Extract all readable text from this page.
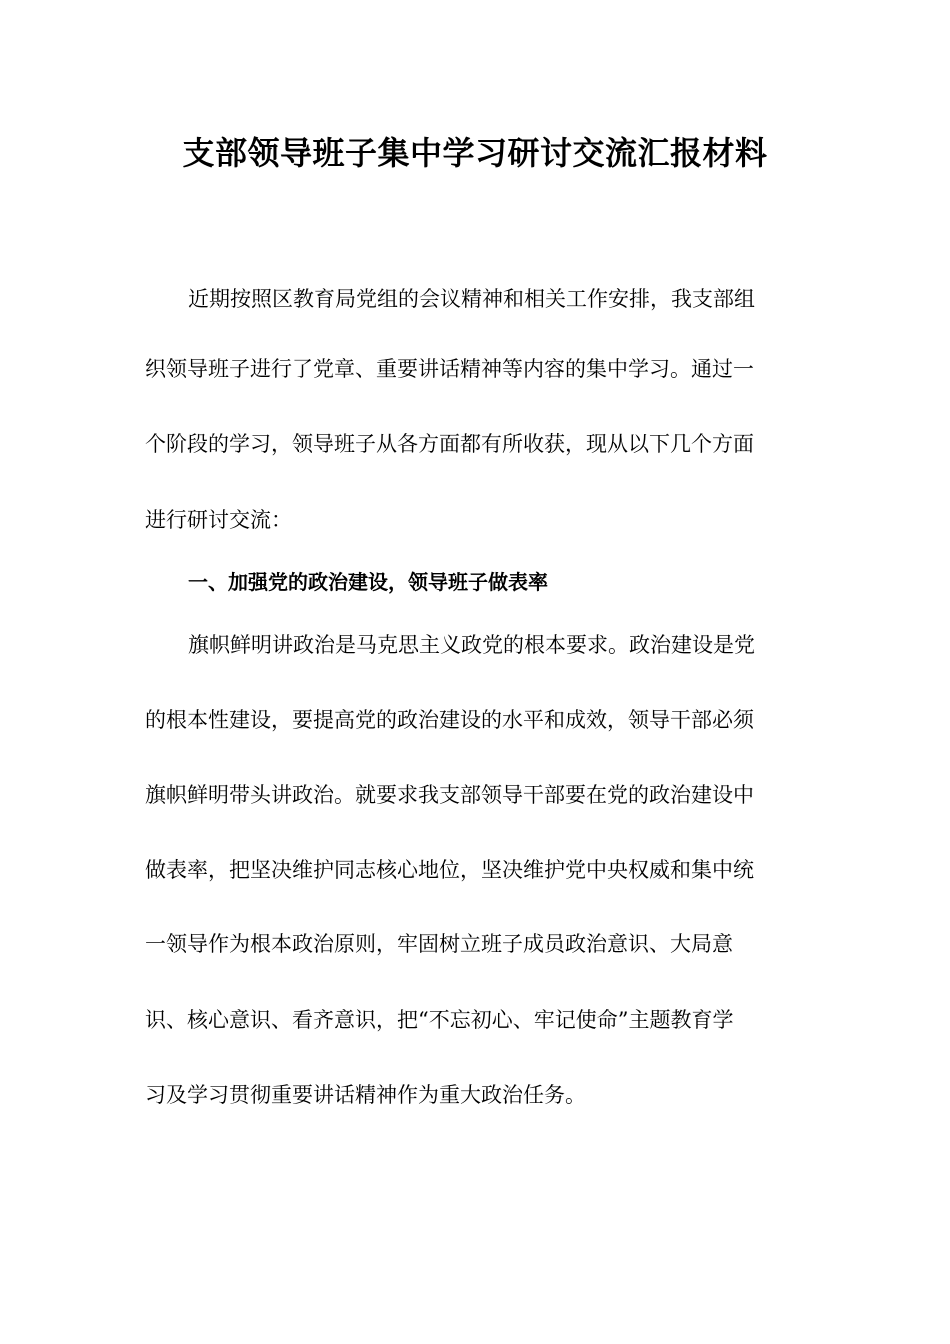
支部领导班子集中学习研讨交流汇报材料
近期按照区教育局党组的会议精神和相关工作安排，我支部组
织领导班子进行了党章、重要讲话精神等内容的集中学习。通过一
个阶段的学习，领导班子从各方面都有所收获，现从以下几个方面
进行研讨交流：
一、加强党的政治建设，领导班子做表率
旗帜鲜明讲政治是马克思主义政党的根本要求。政治建设是党
的根本性建设，要提高党的政治建设的水平和成效，领导干部必须
旗帜鲜明带头讲政治。就要求我支部领导干部要在党的政治建设中
做表率，把坚决维护同志核心地位，坚决维护党中央权威和集中统
一领导作为根本政治原则，牢固树立班子成员政治意识、大局意
识、核心意识、看齐意识，把“不忘初心、牢记使命”主题教育学
习及学习贯彻重要讲话精神作为重大政治任务。
